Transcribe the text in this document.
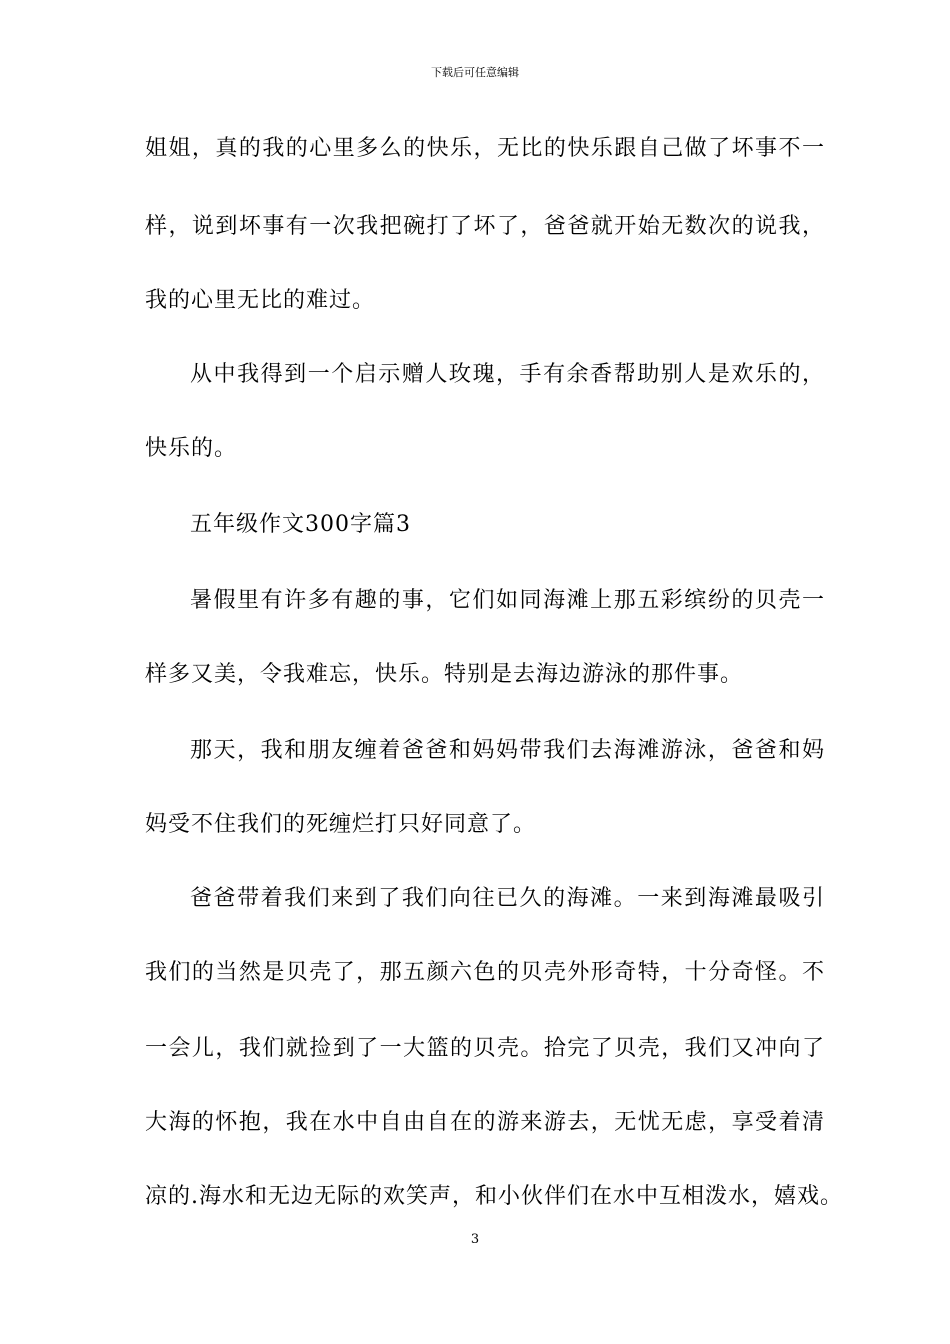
下载后可任意编辑
姐姐，真的我的心里多么的快乐，无比的快乐跟自己做了坏事不一
样，说到坏事有一次我把碗打了坏了，爸爸就开始无数次的说我，
我的心里无比的难过。
从中我得到一个启示赠人玫瑰，手有余香帮助别人是欢乐的，
快乐的。
五年级作文300字篇3
暑假里有许多有趣的事，它们如同海滩上那五彩缤纷的贝壳一
样多又美，令我难忘，快乐。特别是去海边游泳的那件事。
那天，我和朋友缠着爸爸和妈妈带我们去海滩游泳，爸爸和妈
妈受不住我们的死缠烂打只好同意了。
爸爸带着我们来到了我们向往已久的海滩。一来到海滩最吸引
我们的当然是贝壳了，那五颜六色的贝壳外形奇特，十分奇怪。不
一会儿，我们就捡到了一大篮的贝壳。拾完了贝壳，我们又冲向了
大海的怀抱，我在水中自由自在的游来游去，无忧无虑，享受着清
凉的.海水和无边无际的欢笑声，和小伙伴们在水中互相泼水，嬉戏。
3
